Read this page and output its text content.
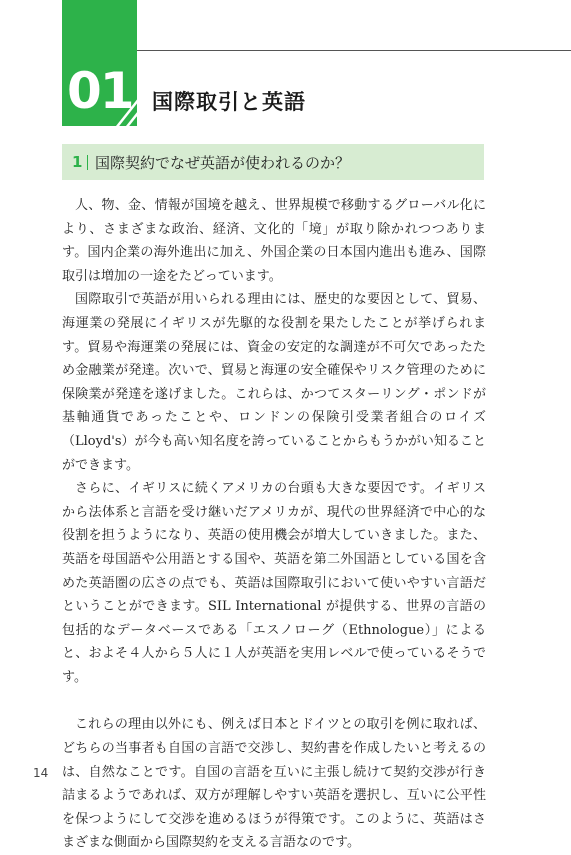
01 国際取引と英語
1 国際契約でなぜ英語が使われるのか？

人、物、金、情報が国境を越え、世界規模で移動するグローバル化により、さまざまな政治、経済、文化的「境」が取り除かれつつあります。国内企業の海外進出に加え、外国企業の日本国内進出も進み、国際取引は増加の一途をたどっています。

国際取引で英語が用いられる理由には、歴史的な要因として、貿易、海運業の発展にイギリスが先駆的な役割を果たしたことが挙げられます。貿易や海運業の発展には、資金の安定的な調達が不可欠であったため金融業が発達。次いで、貿易と海運の安全確保やリスク管理のために保険業が発達を遂げました。これらは、かつてスターリング・ポンドが基軸通貨であったことや、ロンドンの保険引受業者組合のロイズ（Lloyd's）が今も高い知名度を誇っていることからもうかがい知ることができます。

さらに、イギリスに続くアメリカの台頭も大きな要因です。イギリスから法体系と言語を受け継いだアメリカが、現代の世界経済で中心的な役割を担うようになり、英語の使用機会が増大していきました。また、英語を母国語や公用語とする国や、英語を第二外国語としている国を含めた英語圏の広さの点でも、英語は国際取引において使いやすい言語だということができます。SIL International が提供する、世界の言語の包括的なデータベースである「エスノローグ（Ethnologue）」によると、およそ４人から５人に１人が英語を実用レベルで使っているそうです。

これらの理由以外にも、例えば日本とドイツとの取引を例に取れば、どちらの当事者も自国の言語で交渉し、契約書を作成したいと考えるのは、自然なことです。自国の言語を互いに主張し続けて契約交渉が行き詰まるようであれば、双方が理解しやすい英語を選択し、互いに公平性を保つようにして交渉を進めるほうが得策です。このように、英語はさまざまな側面から国際契約を支える言語なのです。

14
